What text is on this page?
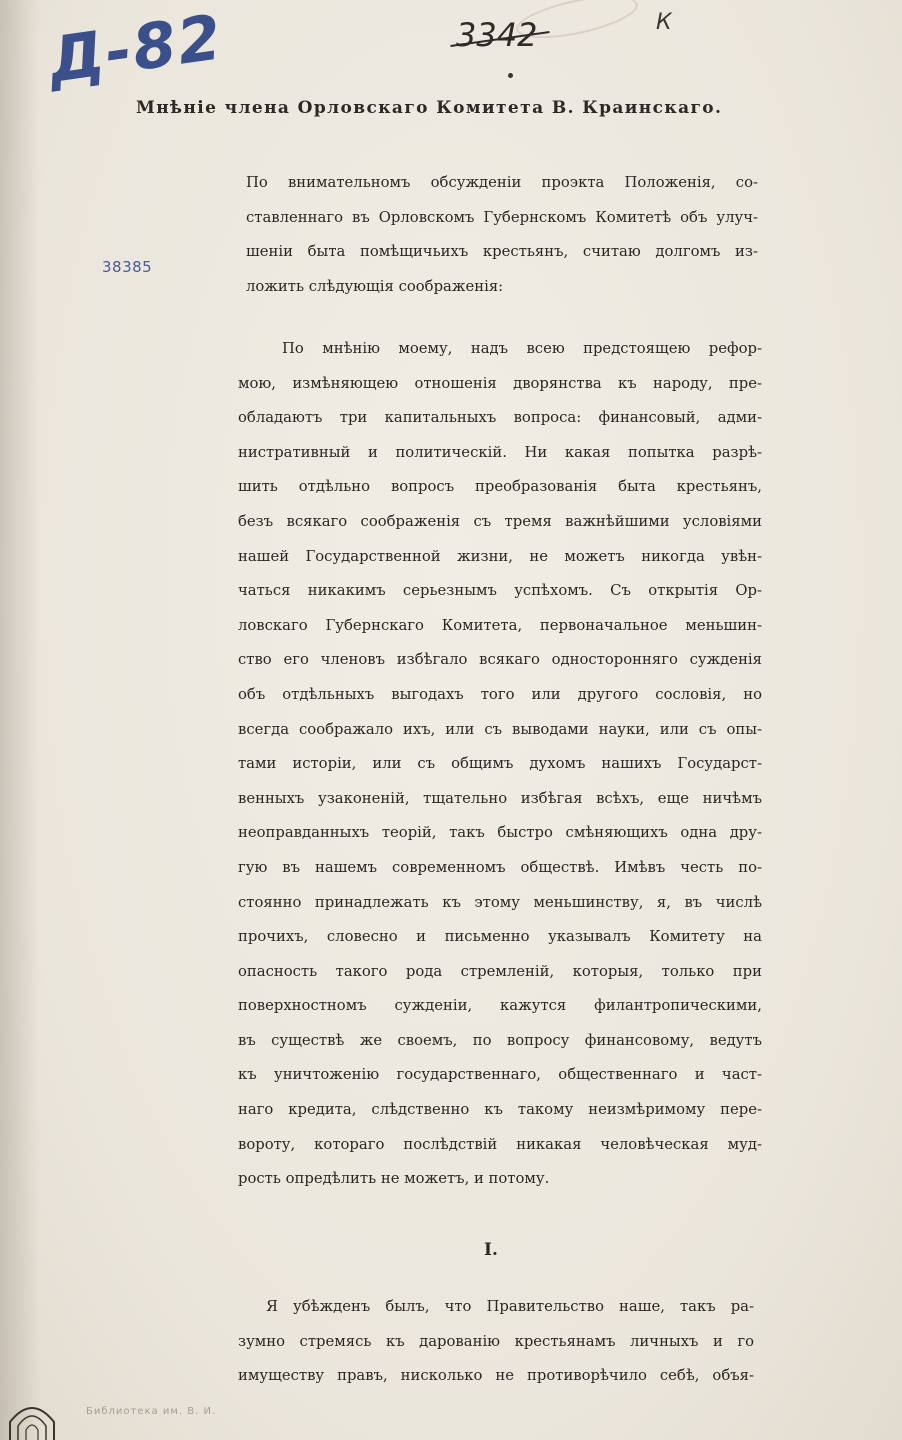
Д-82	3342	К
38385
Мнѣніе члена Орловскаго Комитета В. Краинскаго.
По внимательномъ обсужденіи проэкта Положенія, со-
ставленнаго въ Орловскомъ Губернскомъ Комитетѣ объ улуч-
шеніи быта помѣщичьихъ крестьянъ, считаю долгомъ из-
ложить слѣдующія соображенія:
По мнѣнію моему, надъ всею предстоящею рефор-
мою, измѣняющею отношенія дворянства къ народу, пре-
обладаютъ три капитальныхъ вопроса: финансовый, адми-
нистративный и политическій. Ни какая попытка разрѣ-
шить отдѣльно вопросъ преобразованія быта крестьянъ,
безъ всякаго соображенія съ тремя важнѣйшими условіями
нашей Государственной жизни, не можетъ никогда увѣн-
чаться никакимъ серьезнымъ успѣхомъ. Съ открытія Ор-
ловскаго Губернскаго Комитета, первоначальное меньшин-
ство его членовъ избѣгало всякаго односторонняго сужденія
объ отдѣльныхъ выгодахъ того или другого сословія, но
всегда соображало ихъ, или съ выводами науки, или съ опы-
тами исторіи, или съ общимъ духомъ нашихъ Государст-
венныхъ узаконеній, тщательно избѣгая всѣхъ, еще ничѣмъ
неоправданныхъ теорій, такъ быстро смѣняющихъ одна дру-
гую въ нашемъ современномъ обществѣ. Имѣвъ честь по-
стоянно принадлежать къ этому меньшинству, я, въ числѣ
прочихъ, словесно и письменно указывалъ Комитету на
опасность такого рода стремленій, которыя, только при
поверхностномъ сужденіи, кажутся филантропическими,
въ существѣ же своемъ, по вопросу финансовому, ведутъ
къ уничтоженію государственнаго, общественнаго и част-
наго кредита, слѣдственно къ такому неизмѣримому пере-
вороту, котораго послѣдствій никакая человѣческая муд-
рость опредѣлить не можетъ, и потому.
I.
Я убѣжденъ былъ, что Правительство наше, такъ ра-
зумно стремясь къ дарованію крестьянамъ личныхъ и го
имуществу правъ, нисколько не противорѣчило себѣ, объя-
Библиотека им. В. И.
